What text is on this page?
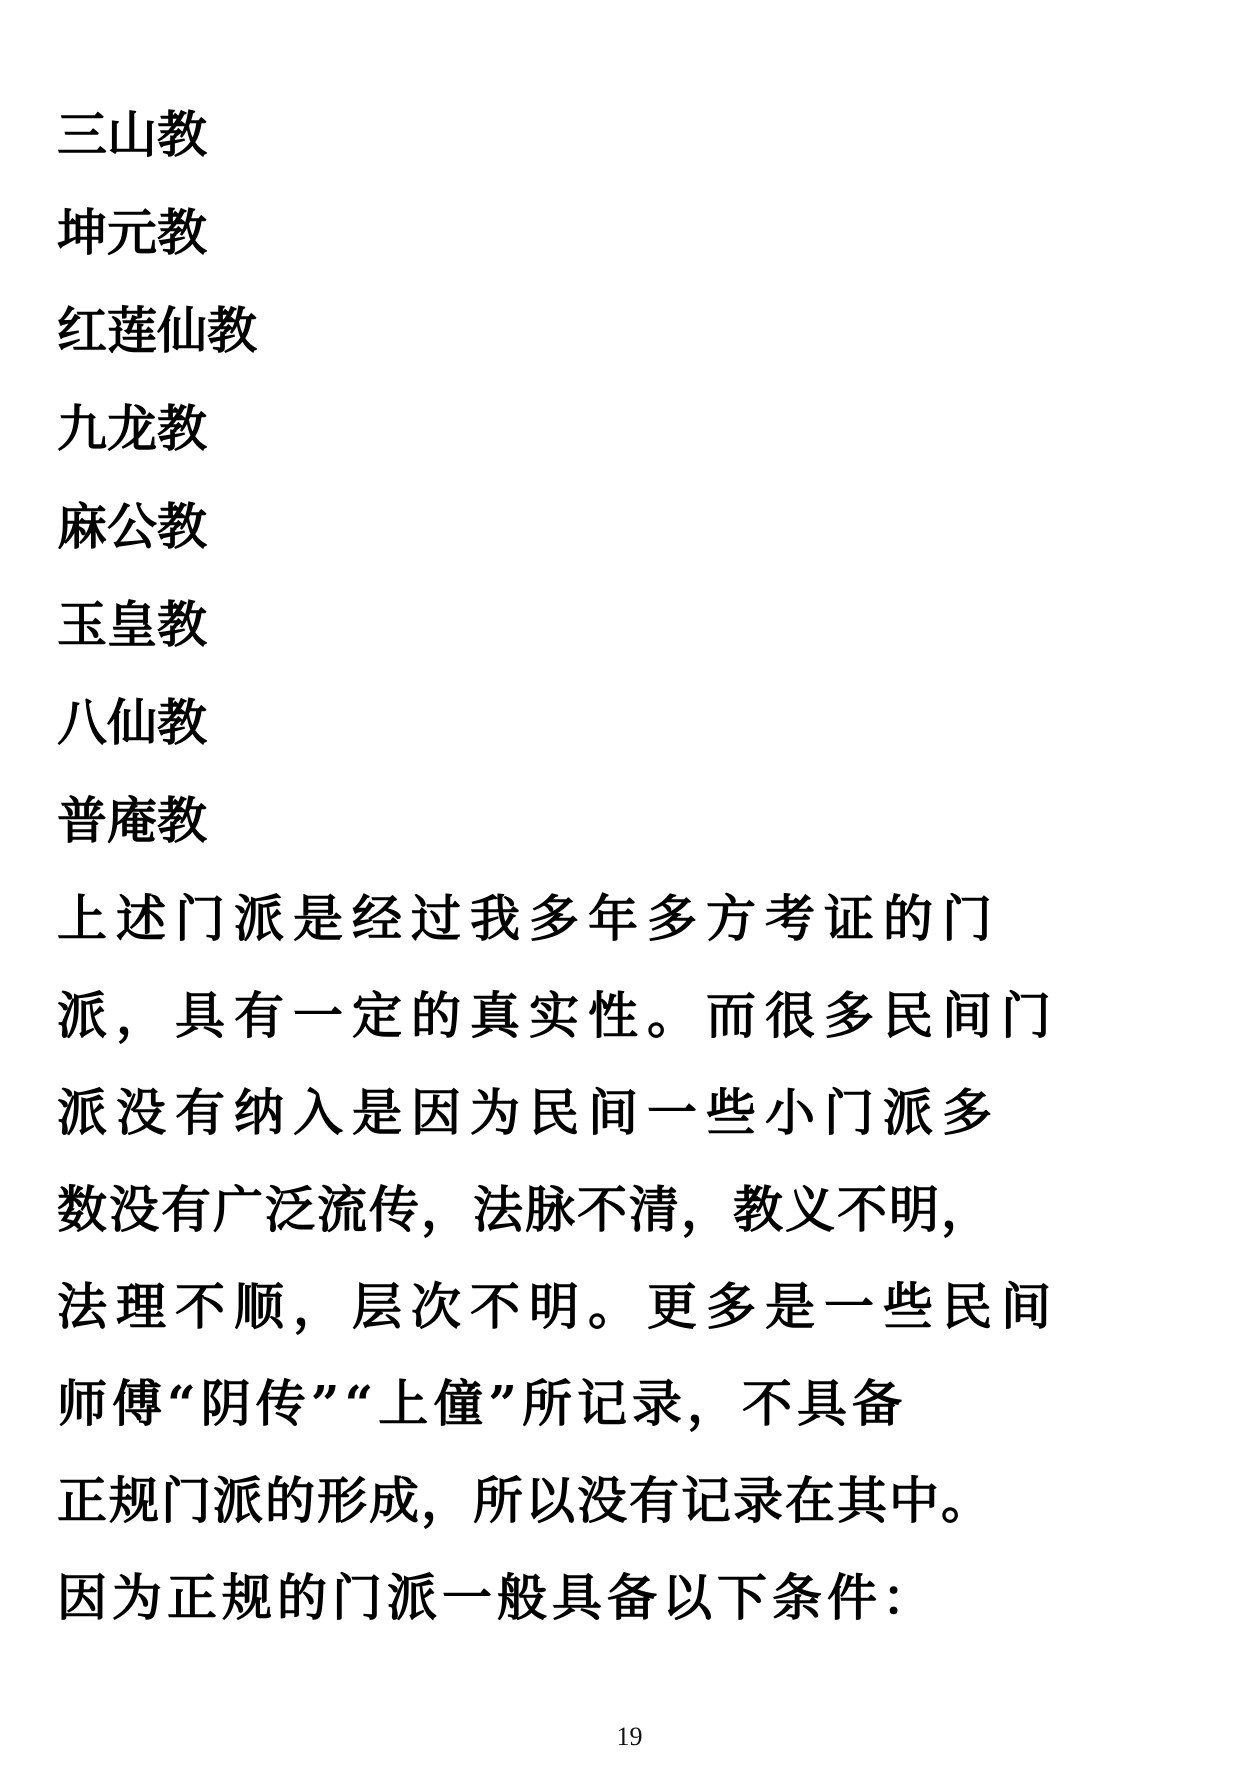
三山教
坤元教
红莲仙教
九龙教
麻公教
玉皇教
八仙教
普庵教
上述门派是经过我多年多方考证的门
派，具有一定的真实性。而很多民间门
派没有纳入是因为民间一些小门派多
数没有广泛流传，法脉不清，教义不明，
法理不顺，层次不明。更多是一些民间
师傅“阴传”“上僮”所记录，不具备
正规门派的形成，所以没有记录在其中。
因为正规的门派一般具备以下条件：
19
